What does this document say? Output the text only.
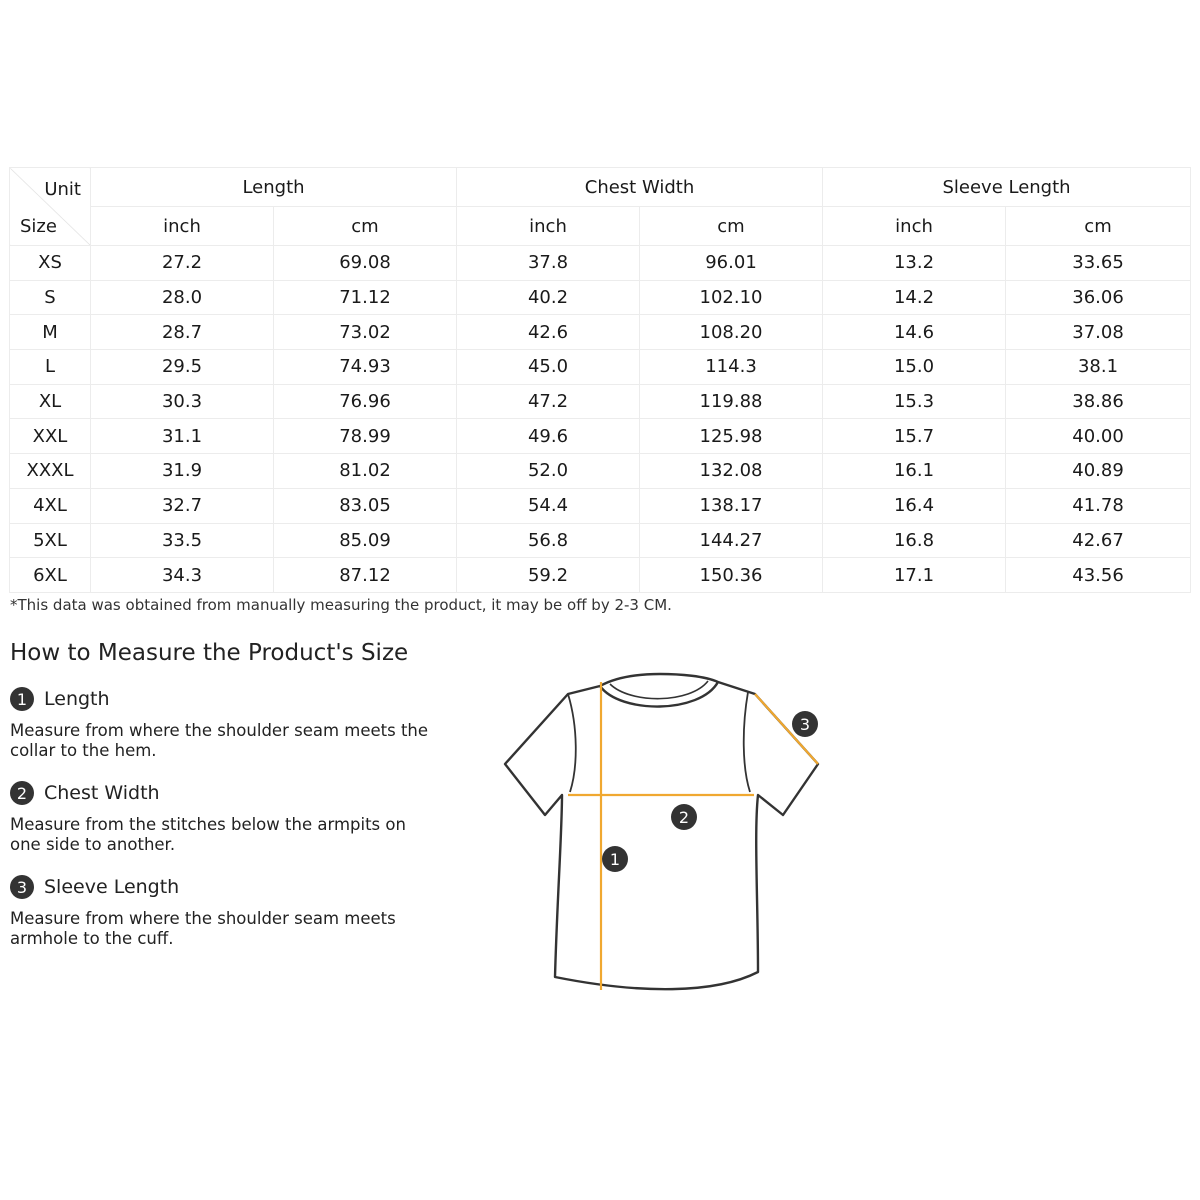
Unit
Size	Length		Chest Width		Sleeve Length	
	inch	cm	inch	cm	inch	cm
XS	27.2	69.08	37.8	96.01	13.2	33.65
S	28.0	71.12	40.2	102.10	14.2	36.06
M	28.7	73.02	42.6	108.20	14.6	37.08
L	29.5	74.93	45.0	114.3	15.0	38.1
XL	30.3	76.96	47.2	119.88	15.3	38.86
XXL	31.1	78.99	49.6	125.98	15.7	40.00
XXXL	31.9	81.02	52.0	132.08	16.1	40.89
4XL	32.7	83.05	54.4	138.17	16.4	41.78
5XL	33.5	85.09	56.8	144.27	16.8	42.67
6XL	34.3	87.12	59.2	150.36	17.1	43.56
*This data was obtained from manually measuring the product, it may be off by 2-3 CM.
How to Measure the Product's Size
1 Length
Measure from where the shoulder seam meets the collar to the hem.
2 Chest Width
Measure from the stitches below the armpits on one side to another.
3 Sleeve Length
Measure from where the shoulder seam meets armhole to the cuff.
1
2
3
